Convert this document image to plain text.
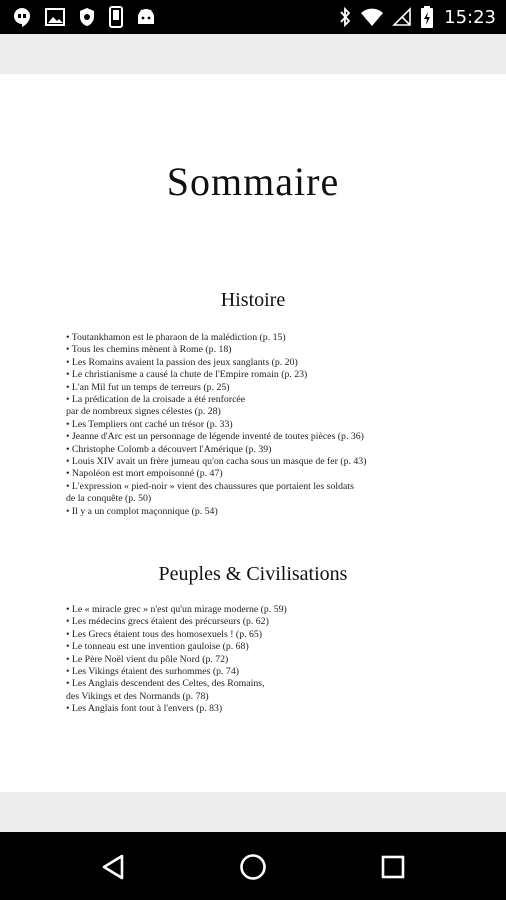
15:23
Sommaire
Histoire
• Toutankhamon est le pharaon de la malédiction (p. 15)
• Tous les chemins mènent à Rome (p. 18)
• Les Romains avaient la passion des jeux sanglants (p. 20)
• Le christianisme a causé la chute de l'Empire romain (p. 23)
• L'an Mil fut un temps de terreurs (p. 25)
• La prédication de la croisade a été renforcée
par de nombreux signes célestes (p. 28)
• Les Templiers ont caché un trésor (p. 33)
• Jeanne d'Arc est un personnage de légende inventé de toutes pièces (p. 36)
• Christophe Colomb a découvert l'Amérique (p. 39)
• Louis XIV avait un frère jumeau qu'on cacha sous un masque de fer (p. 43)
• Napoléon est mort empoisonné (p. 47)
• L'expression « pied-noir » vient des chaussures que portaient les soldats
de la conquête (p. 50)
• Il y a un complot maçonnique (p. 54)
Peuples & Civilisations
• Le « miracle grec » n'est qu'un mirage moderne (p. 59)
• Les médecins grecs étaient des précurseurs (p. 62)
• Les Grecs étaient tous des homosexuels ! (p. 65)
• Le tonneau est une invention gauloise (p. 68)
• Le Père Noël vient du pôle Nord (p. 72)
• Les Vikings étaient des surhommes (p. 74)
• Les Anglais descendent des Celtes, des Romains,
des Vikings et des Normands (p. 78)
• Les Anglais font tout à l'envers (p. 83)
